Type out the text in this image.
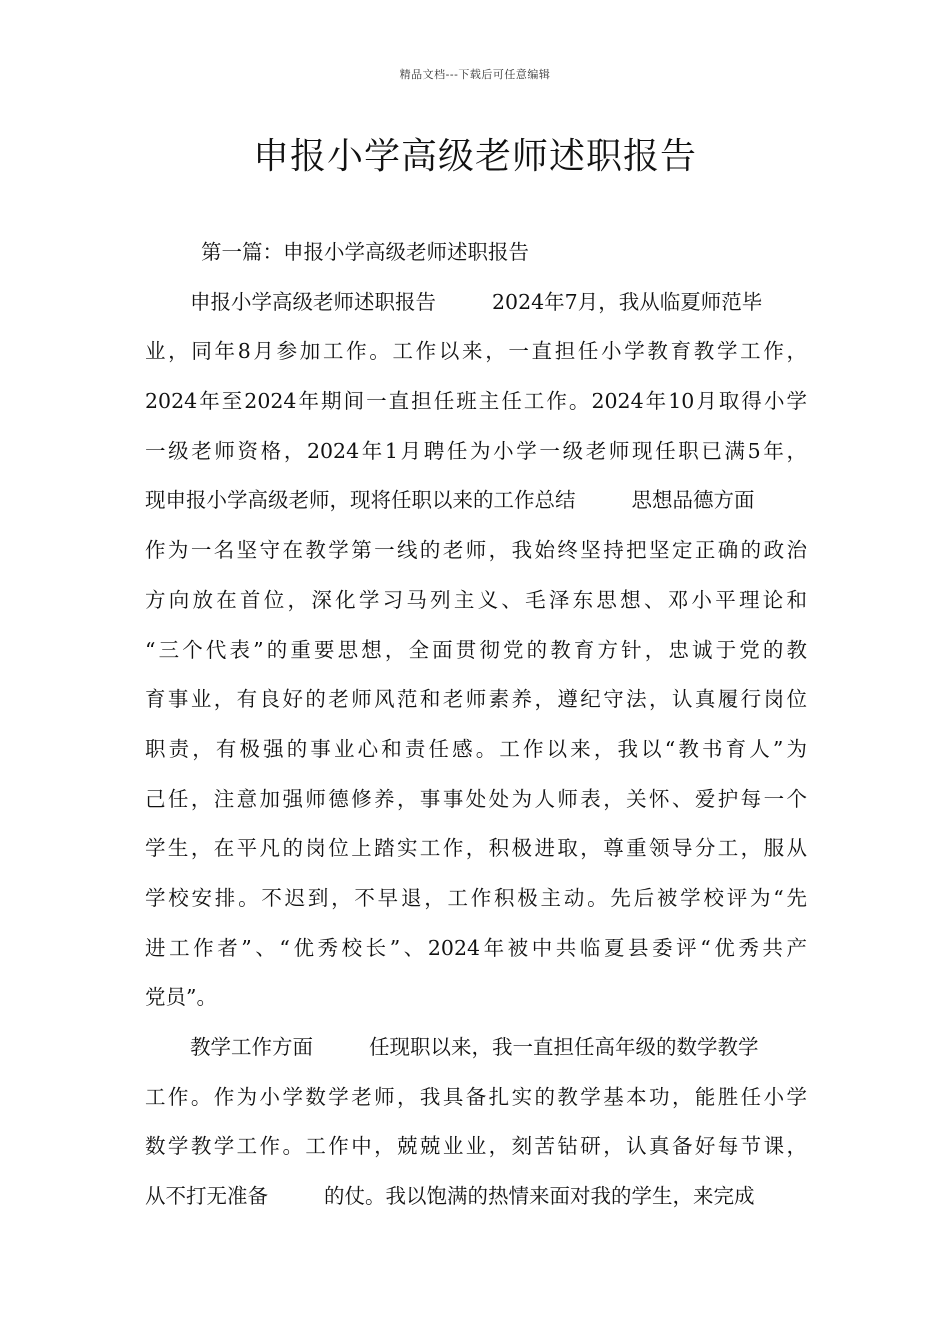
精品文档---下载后可任意编辑
申报小学高级老师述职报告
第一篇：申报小学高级老师述职报告
申报小学高级老师述职报告	2024年7月，我从临夏师范毕
业，同年8月参加工作。工作以来，一直担任小学教育教学工作，
2024年至2024年期间一直担任班主任工作。2024年10月取得小学
一级老师资格，2024年1月聘任为小学一级老师现任职已满5年，
现申报小学高级老师，现将任职以来的工作总结	思想品德方面
作为一名坚守在教学第一线的老师，我始终坚持把坚定正确的政治
方向放在首位，深化学习马列主义、毛泽东思想、邓小平理论和
“三个代表”的重要思想，全面贯彻党的教育方针，忠诚于党的教
育事业，有良好的老师风范和老师素养，遵纪守法，认真履行岗位
职责，有极强的事业心和责任感。工作以来，我以“教书育人”为
己任，注意加强师德修养，事事处处为人师表，关怀、爱护每一个
学生，在平凡的岗位上踏实工作，积极进取，尊重领导分工，服从
学校安排。不迟到，不早退，工作积极主动。先后被学校评为“先
进工作者”、“优秀校长”、2024年被中共临夏县委评“优秀共产
党员”。
教学工作方面	任现职以来，我一直担任高年级的数学教学
工作。作为小学数学老师，我具备扎实的教学基本功，能胜任小学
数学教学工作。工作中，兢兢业业，刻苦钻研，认真备好每节课，
从不打无准备	的仗。我以饱满的热情来面对我的学生，来完成
